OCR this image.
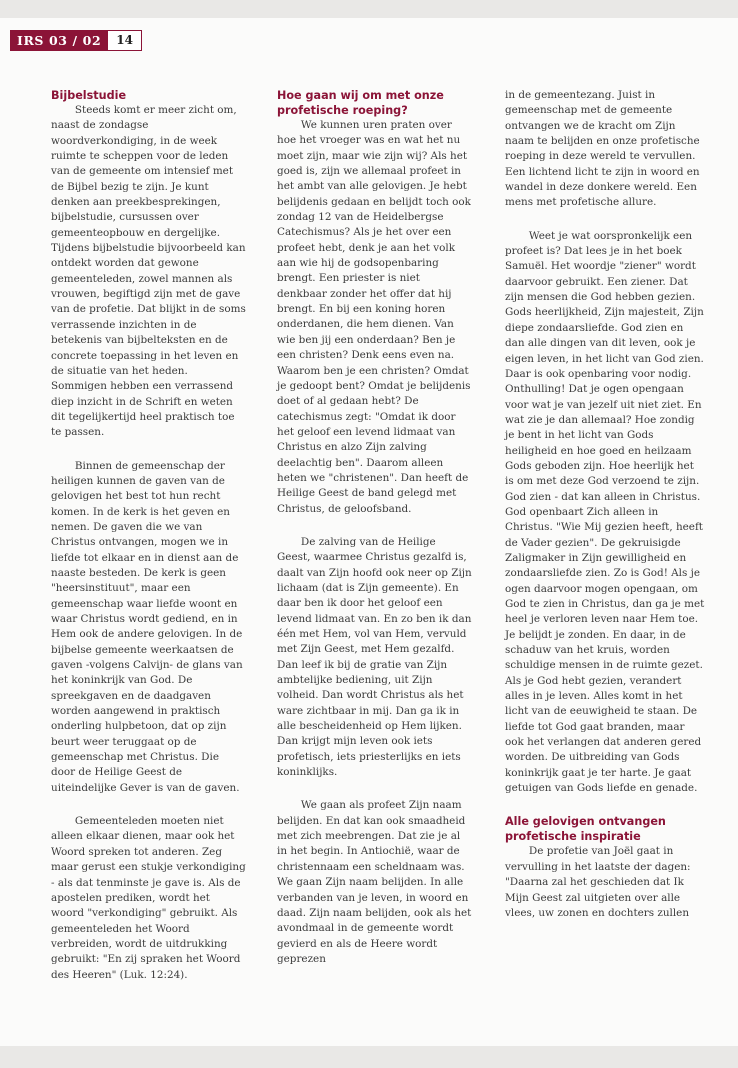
IRS 03 / 02	14
Bijbelstudie

Steeds komt er meer zicht om, naast de zondagse woordverkondiging, in de week ruimte te scheppen voor de leden van de gemeente om intensief met de Bijbel bezig te zijn. Je kunt denken aan preekbesprekingen, bijbelstudie, cursussen over gemeenteopbouw en dergelijke. Tijdens bijbelstudie bijvoorbeeld kan ontdekt worden dat gewone gemeenteleden, zowel mannen als vrouwen, begiftigd zijn met de gave van de profetie. Dat blijkt in de soms verrassende inzichten in de betekenis van bijbelteksten en de concrete toepassing in het leven en de situatie van het heden. Sommigen hebben een verrassend diep inzicht in de Schrift en weten dit tegelijkertijd heel praktisch toe te passen.

Binnen de gemeenschap der heiligen kunnen de gaven van de gelovigen het best tot hun recht komen. In de kerk is het geven en nemen. De gaven die we van Christus ontvangen, mogen we in liefde tot elkaar en in dienst aan de naaste besteden. De kerk is geen "heersinstituut", maar een gemeenschap waar liefde woont en waar Christus wordt gediend, en in Hem ook de andere gelovigen. In de bijbelse gemeente weerkaatsen de gaven -volgens Calvijn- de glans van het koninkrijk van God. De spreekgaven en de daadgaven worden aangewend in praktisch onderling hulpbetoon, dat op zijn beurt weer teruggaat op de gemeenschap met Christus. Die door de Heilige Geest de uiteindelijke Gever is van de gaven.

Gemeenteleden moeten niet alleen elkaar dienen, maar ook het Woord spreken tot anderen. Zeg maar gerust een stukje verkondiging - als dat tenminste je gave is. Als de apostelen prediken, wordt het woord "verkondiging" gebruikt. Als gemeenteleden het Woord verbreiden, wordt de uitdrukking gebruikt: "En zij spraken het Woord des Heeren" (Luk. 12:24).

Hoe gaan wij om met onze profetische roeping?

We kunnen uren praten over hoe het vroeger was en wat het nu moet zijn, maar wie zijn wij? Als het goed is, zijn we allemaal profeet in het ambt van alle gelovigen. Je hebt belijdenis gedaan en belijdt toch ook zondag 12 van de Heidelbergse Catechismus? Als je het over een profeet hebt, denk je aan het volk aan wie hij de godsopenbaring brengt. Een priester is niet denkbaar zonder het offer dat hij brengt. En bij een koning horen onderdanen, die hem dienen. Van wie ben jij een onderdaan? Ben je een christen? Denk eens even na. Waarom ben je een christen? Omdat je gedoopt bent? Omdat je belijdenis doet of al gedaan hebt? De catechismus zegt: "Omdat ik door het geloof een levend lidmaat van Christus en alzo Zijn zalving deelachtig ben". Daarom alleen heten we "christenen". Dan heeft de Heilige Geest de band gelegd met Christus, de geloofsband.

De zalving van de Heilige Geest, waarmee Christus gezalfd is, daalt van Zijn hoofd ook neer op Zijn lichaam (dat is Zijn gemeente). En daar ben ik door het geloof een levend lidmaat van. En zo ben ik dan één met Hem, vol van Hem, vervuld met Zijn Geest, met Hem gezalfd. Dan leef ik bij de gratie van Zijn ambtelijke bediening, uit Zijn volheid. Dan wordt Christus als het ware zichtbaar in mij. Dan ga ik in alle bescheidenheid op Hem lijken. Dan krijgt mijn leven ook iets profetisch, iets priesterlijks en iets koninklijks.

We gaan als profeet Zijn naam belijden. En dat kan ook smaadheid met zich meebrengen. Dat zie je al in het begin. In Antiochië, waar de christennaam een scheldnaam was. We gaan Zijn naam belijden. In alle verbanden van je leven, in woord en daad. Zijn naam belijden, ook als het avondmaal in de gemeente wordt gevierd en als de Heere wordt geprezen

in de gemeentezang. Juist in gemeenschap met de gemeente ontvangen we de kracht om Zijn naam te belijden en onze profetische roeping in deze wereld te vervullen. Een lichtend licht te zijn in woord en wandel in deze donkere wereld. Een mens met profetische allure.

Weet je wat oorspronkelijk een profeet is? Dat lees je in het boek Samuël. Het woordje "ziener" wordt daarvoor gebruikt. Een ziener. Dat zijn mensen die God hebben gezien. Gods heerlijkheid, Zijn majesteit, Zijn diepe zondaarsliefde. God zien en dan alle dingen van dit leven, ook je eigen leven, in het licht van God zien. Daar is ook openbaring voor nodig. Onthulling! Dat je ogen opengaan voor wat je van jezelf uit niet ziet. En wat zie je dan allemaal? Hoe zondig je bent in het licht van Gods heiligheid en hoe goed en heilzaam Gods geboden zijn. Hoe heerlijk het is om met deze God verzoend te zijn. God zien - dat kan alleen in Christus. God openbaart Zich alleen in Christus. "Wie Mij gezien heeft, heeft de Vader gezien". De gekruisigde Zaligmaker in Zijn gewilligheid en zondaarsliefde zien. Zo is God! Als je ogen daarvoor mogen opengaan, om God te zien in Christus, dan ga je met heel je verloren leven naar Hem toe. Je belijdt je zonden. En daar, in de schaduw van het kruis, worden schuldige mensen in de ruimte gezet. Als je God hebt gezien, verandert alles in je leven. Alles komt in het licht van de eeuwigheid te staan. De liefde tot God gaat branden, maar ook het verlangen dat anderen gered worden. De uitbreiding van Gods koninkrijk gaat je ter harte. Je gaat getuigen van Gods liefde en genade.

Alle gelovigen ontvangen profetische inspiratie

De profetie van Joël gaat in vervulling in het laatste der dagen: "Daarna zal het geschieden dat Ik Mijn Geest zal uitgieten over alle vlees, uw zonen en dochters zullen
